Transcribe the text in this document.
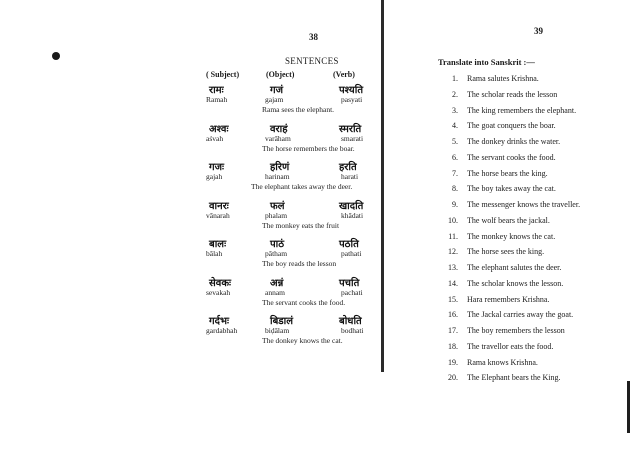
38
SENTENCES
( Subject)	(Object)	(Verb)
रामः
Ramah
गजं
gajam
पश्यति
pasyati
Rama sees the elephant.
अश्वः
aśvah
वराहं
varāham
स्मरति
smarati
The horse remembers the boar.
गजः
gajah
हरिणं
harinam
हरति
harati
The elephant takes away the deer.
वानरः
vānarah
फलं
phalam
खादति
khādati
The monkey eats the fruit
बालः
bālah
पाठं
pātham
पठति
pathati
The boy reads the lesson
सेवकः
sevakah
अन्नं
annam
पचति
pachati
The servant cooks the food.
गर्दभः
gardabhah
बिडालं
biḍālam
बोधति
bodhati
The donkey knows the cat.
39
Translate into Sanskrit :—
1. Rama salutes Krishna.
2. The scholar reads the lesson
3. The king remembers the elephant.
4. The goat conquers the boar.
5. The donkey drinks the water.
6. The servant cooks the food.
7. The horse bears the king.
8. The boy takes away the cat.
9. The messenger knows the traveller.
10. The wolf bears the jackal.
11. The monkey knows the cat.
12. The horse sees the king.
13. The elephant salutes the deer.
14. The scholar knows the lesson.
15. Hara remembers Krishna.
16. The Jackal carries away the goat.
17. The boy remembers the lesson
18. The travellor eats the food.
19. Rama knows Krishna.
20. The Elephant bears the King.
